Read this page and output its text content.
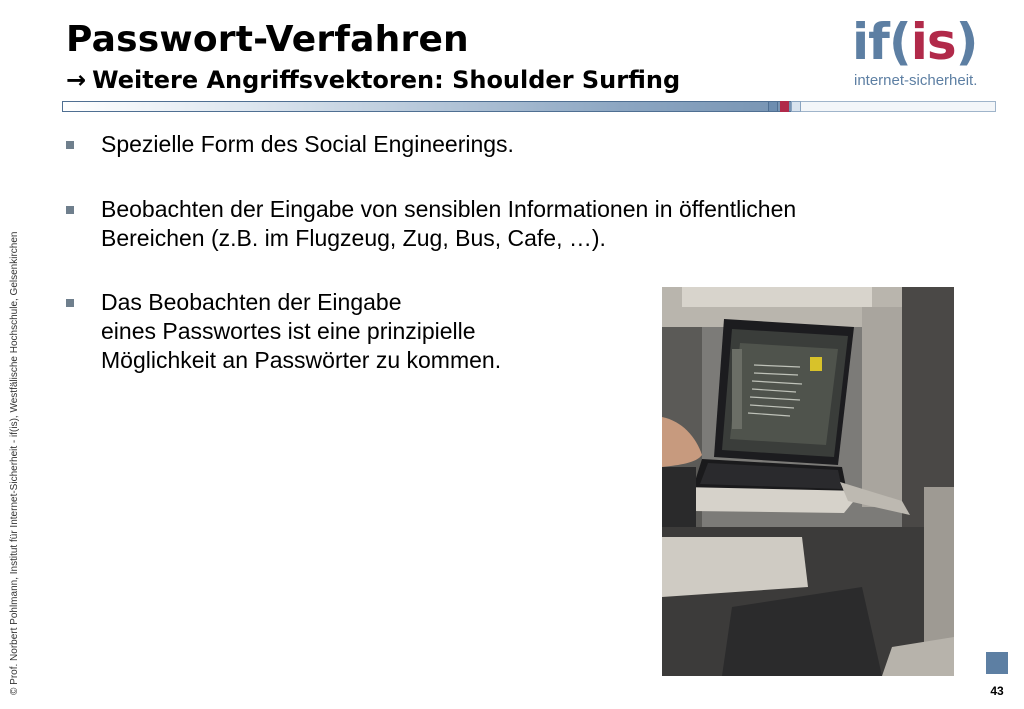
Passwort-Verfahren
→ Weitere Angriffsvektoren: Shoulder Surfing
if(is)
internet-sicherheit.
© Prof. Norbert Pohlmann, Institut für Internet-Sicherheit - if(is), Westfälische Hochschule, Gelsenkirchen
Spezielle Form des Social Engineerings.
Beobachten der Eingabe von sensiblen Informationen in öffentlichen
Bereichen (z.B. im Flugzeug, Zug, Bus, Cafe, …).
Das Beobachten der Eingabe
eines Passwortes ist eine prinzipielle
Möglichkeit an Passwörter zu kommen.
43
